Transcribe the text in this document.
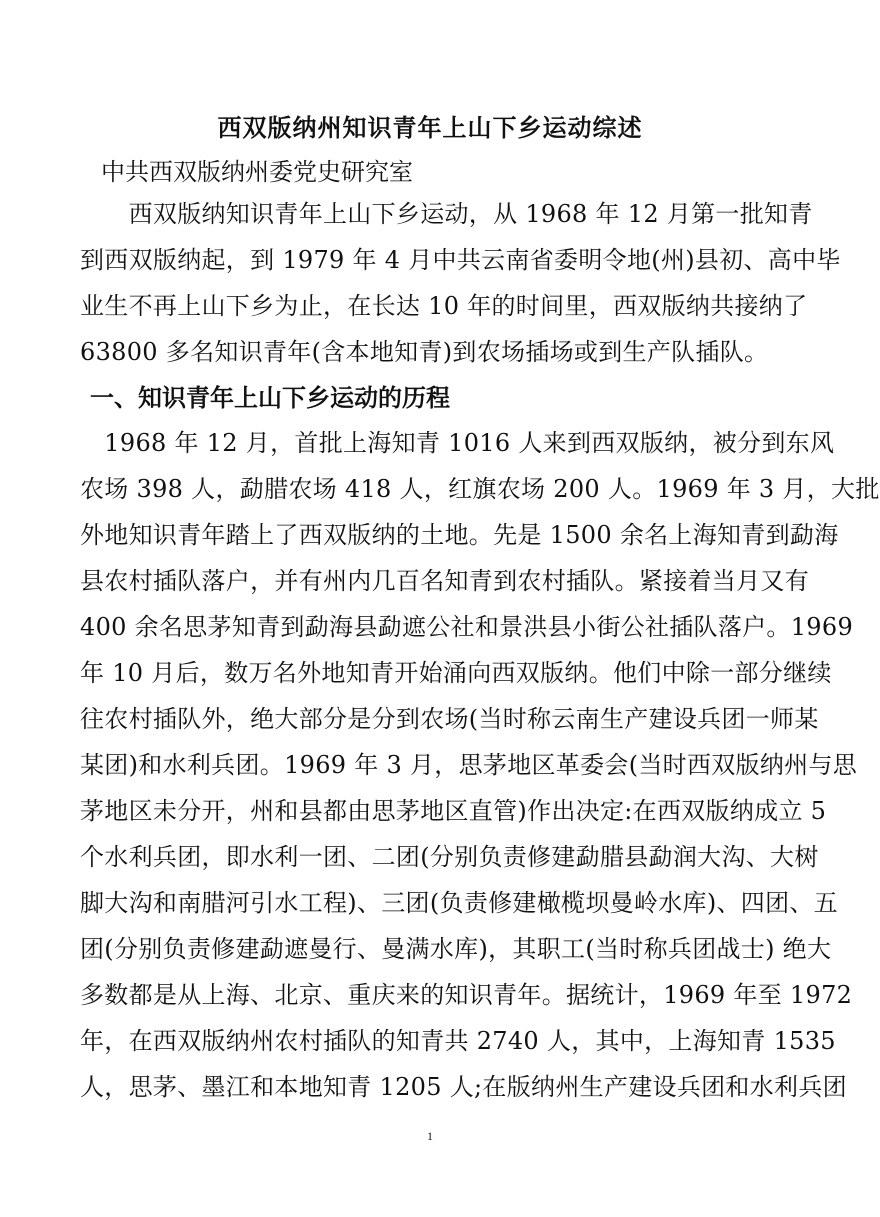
西双版纳州知识青年上山下乡运动综述
中共西双版纳州委党史研究室

　　西双版纳知识青年上山下乡运动，从 1968 年 12 月第一批知青
到西双版纳起，到 1979 年 4 月中共云南省委明令地(州)县初、高中毕
业生不再上山下乡为止，在长达 10 年的时间里，西双版纳共接纳了
63800 多名知识青年(含本地知青)到农场插场或到生产队插队。

一、知识青年上山下乡运动的历程

　1968 年 12 月，首批上海知青 1016 人来到西双版纳，被分到东风
农场 398 人，勐腊农场 418 人，红旗农场 200 人。1969 年 3 月，大批
外地知识青年踏上了西双版纳的土地。先是 1500 余名上海知青到勐海
县农村插队落户，并有州内几百名知青到农村插队。紧接着当月又有
400 余名思茅知青到勐海县勐遮公社和景洪县小街公社插队落户。1969
年 10 月后，数万名外地知青开始涌向西双版纳。他们中除一部分继续
往农村插队外，绝大部分是分到农场(当时称云南生产建设兵团一师某
某团)和水利兵团。1969 年 3 月，思茅地区革委会(当时西双版纳州与思
茅地区未分开，州和县都由思茅地区直管)作出决定:在西双版纳成立 5
个水利兵团，即水利一团、二团(分别负责修建勐腊县勐润大沟、大树
脚大沟和南腊河引水工程)、三团(负责修建橄榄坝曼岭水库)、四团、五
团(分别负责修建勐遮曼行、曼满水库)，其职工(当时称兵团战士) 绝大
多数都是从上海、北京、重庆来的知识青年。据统计，1969 年至 1972
年，在西双版纳州农村插队的知青共 2740 人，其中，上海知青 1535
人，思茅、墨江和本地知青 1205 人;在版纳州生产建设兵团和水利兵团

1
